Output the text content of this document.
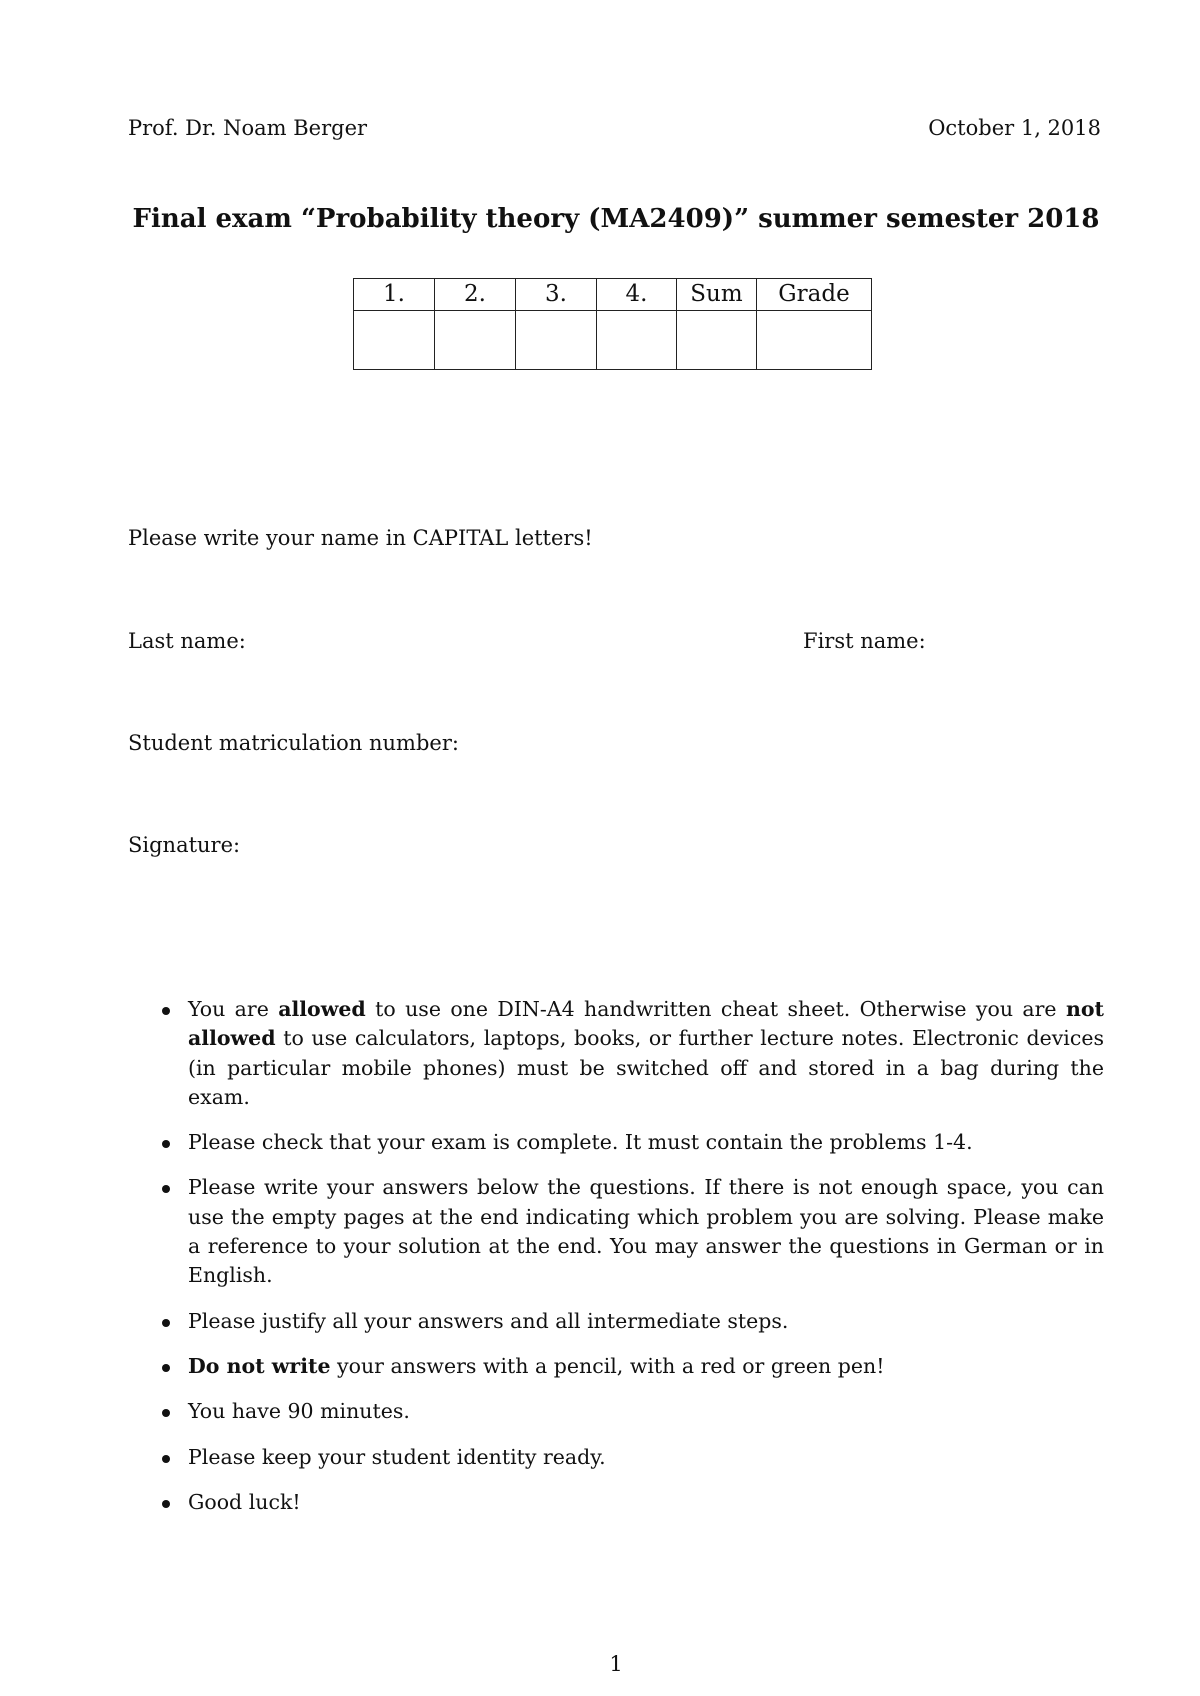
Prof. Dr. Noam Berger	October 1, 2018
Final exam “Probability theory (MA2409)” summer semester 2018
1.	2.	3.	4.	Sum	Grade

Please write your name in CAPITAL letters!
Last name:	First name:
Student matriculation number:
Signature:
You are allowed to use one DIN-A4 handwritten cheat sheet. Otherwise you are not allowed to use calculators, laptops, books, or further lecture notes. Electronic devices (in particular mobile phones) must be switched off and stored in a bag during the exam.
Please check that your exam is complete. It must contain the problems 1-4.
Please write your answers below the questions. If there is not enough space, you can use the empty pages at the end indicating which problem you are solving. Please make a reference to your solution at the end. You may answer the questions in German or in English.
Please justify all your answers and all intermediate steps.
Do not write your answers with a pencil, with a red or green pen!
You have 90 minutes.
Please keep your student identity ready.
Good luck!
1
